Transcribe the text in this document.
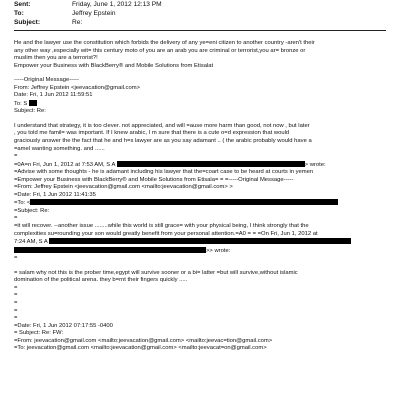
Sent:	Friday, June 1, 2012 12:13 PM
To:	Jeffrey Epstein
Subject:	Re:
He and the lawyer use the constitution which forbids the delivery of any ye=eni citizen to another country -aren't their
any other way ,especially wit= this century moto of you are an arab you are criminal or terrorist,you ar= bronze or
muslim then you are a terrorist?!
Empower your Business with BlackBerry® and Mobile Solutions from Etisalat
-----Original Message-----
From: Jeffrey Epstein <jeevacation@gmail.com>
Date: Fri, 1 Jun 2012 11:59:51
To: S
Subject: Re:
I understand that strategy, it is too clever. not appreciated, and will =ause more harm than good, not now , but later
, you told me famil= was important. If I knew arabic, I m sure that there is a cute o=d expression that would
graciously answer the the fact that he and h=s lawyer are as you say adamant .. ( the arabic probably would have a
=amel wanting something. and ......
=
=0A=n Fri, Jun 1, 2012 at 7:53 AM, S A	> wrote:
=Advise with some thoughts - he is adamant including his lawyer that the=coart case to be heard at courts in yemen
=Empower your Business with BlackBerry® and Mobile Solutions from Etisala= = =-----Original Message-----
=From: Jeffrey Epstein <jeevacation@gmail.com <mailto:jeevacation@gmail.com> >
=Date: Fri, 1 Jun 2012 11:41:35
=To: <
=Subject: Re:
=
=it will recover. --another issue ........while this world is still grace= with your physical being, I think strongly that the
complexities su=rounding your son would greatly benefit from your personal attention.=A0 = = =On Fri, Jun 1, 2012 at
7:24 AM, S A
>> wrote:
=
= salam why not this is the prober time,egypt will survive sooner or a bi= latter =but will survive,without islamic
domination of the political arena. they b=rnt their fingers quickly .....
=
=
=
=
=
=Date: Fri, 1 Jun 2012 07:17:55 -0400
= Subject: Re: FW:
=From: jeevacation@gmail.com <mailto:jeevacation@gmail.com> <mailto:jeevac=tion@gmail.com>
=To: jeevacation@gmail.com <mailto:jeevacation@gmail.com> <mailto:jeevacat=on@gmail.com>
